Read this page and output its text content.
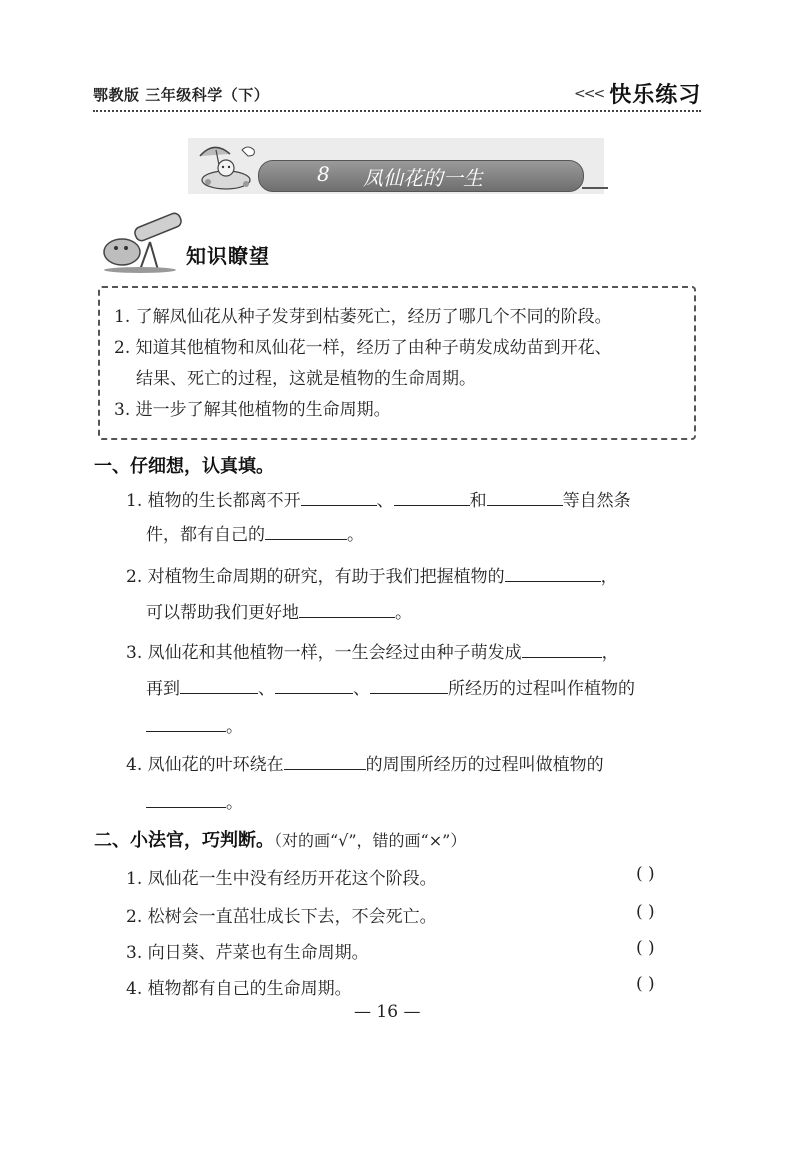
鄂教版 三年级科学（下）	<<< 快乐练习
8 凤仙花的一生
知识瞭望
1. 了解凤仙花从种子发芽到枯萎死亡，经历了哪几个不同的阶段。
2. 知道其他植物和凤仙花一样，经历了由种子萌发成幼苗到开花、
结果、死亡的过程，这就是植物的生命周期。
3. 进一步了解其他植物的生命周期。
一、仔细想，认真填。
1. 植物的生长都离不开	、	和	等自然条
件，都有自己的	。
2. 对植物生命周期的研究，有助于我们把握植物的	，
可以帮助我们更好地	。
3. 凤仙花和其他植物一样，一生会经过由种子萌发成	，
再到	、	、	所经历的过程叫作植物的
。
4. 凤仙花的叶环绕在	的周围所经历的过程叫做植物的
。
二、小法官，巧判断。（对的画“√”，错的画“×”）
1. 凤仙花一生中没有经历开花这个阶段。	( )
2. 松树会一直茁壮成长下去，不会死亡。	( )
3. 向日葵、芹菜也有生命周期。	( )
4. 植物都有自己的生命周期。	( )
— 16 —
